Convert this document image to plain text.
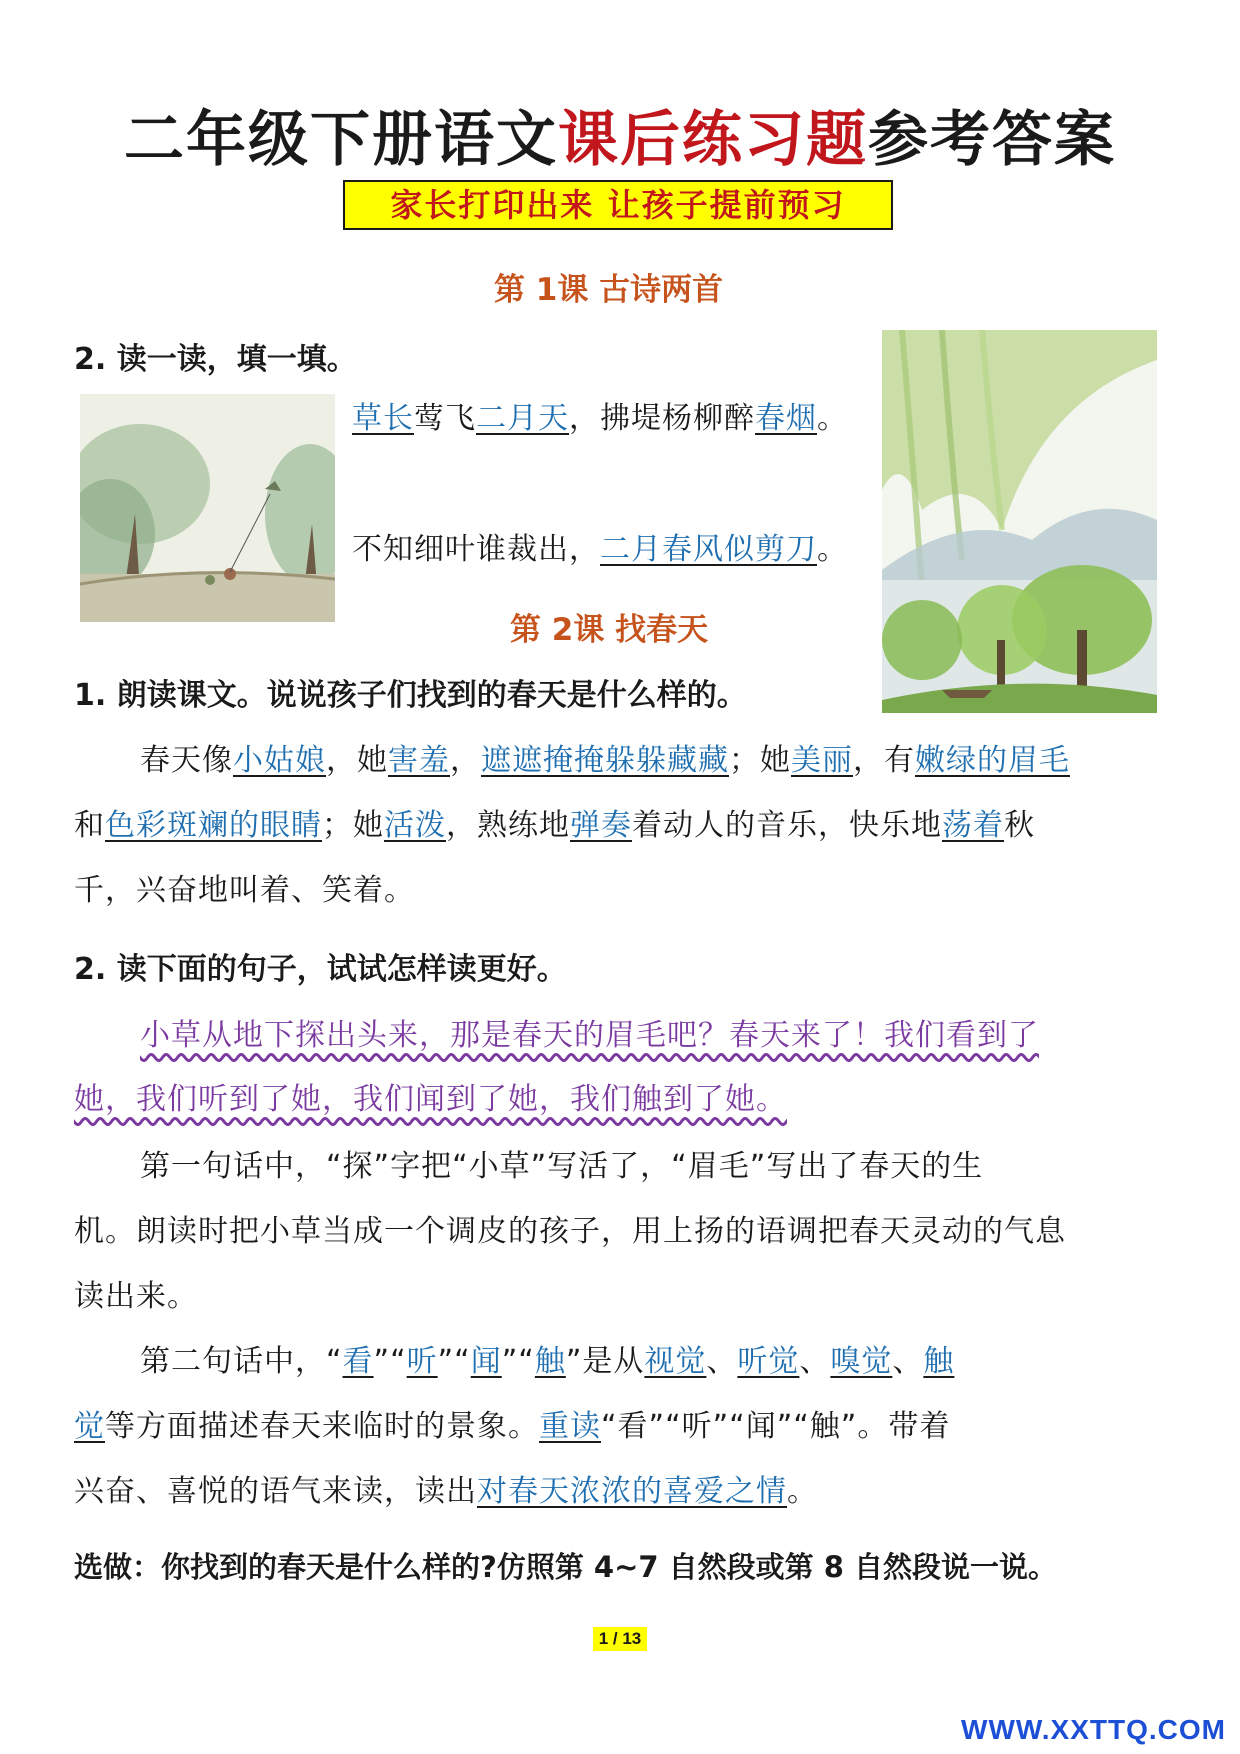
二年级下册语文课后练习题参考答案
家长打印出来 让孩子提前预习
第 1课 古诗两首
2. 读一读，填一填。
草长莺飞二月天，拂堤杨柳醉春烟。
不知细叶谁裁出，二月春风似剪刀。
第 2课 找春天
1. 朗读课文。说说孩子们找到的春天是什么样的。
春天像小姑娘，她害羞，遮遮掩掩躲躲藏藏；她美丽，有嫩绿的眉毛
和色彩斑斓的眼睛；她活泼，熟练地弹奏着动人的音乐，快乐地荡着秋
千，兴奋地叫着、笑着。
2. 读下面的句子，试试怎样读更好。
小草从地下探出头来，那是春天的眉毛吧？春天来了！我们看到了
她，我们听到了她，我们闻到了她，我们触到了她。
第一句话中，“探”字把“小草”写活了，“眉毛”写出了春天的生
机。朗读时把小草当成一个调皮的孩子，用上扬的语调把春天灵动的气息
读出来。
第二句话中，“看”“听”“闻”“触”是从视觉、听觉、嗅觉、触
觉等方面描述春天来临时的景象。重读“看”“听”“闻”“触”。带着
兴奋、喜悦的语气来读，读出对春天浓浓的喜爱之情。
选做：你找到的春天是什么样的?仿照第 4~7 自然段或第 8 自然段说一说。
1 / 13
WWW.XXTTQ.COM
